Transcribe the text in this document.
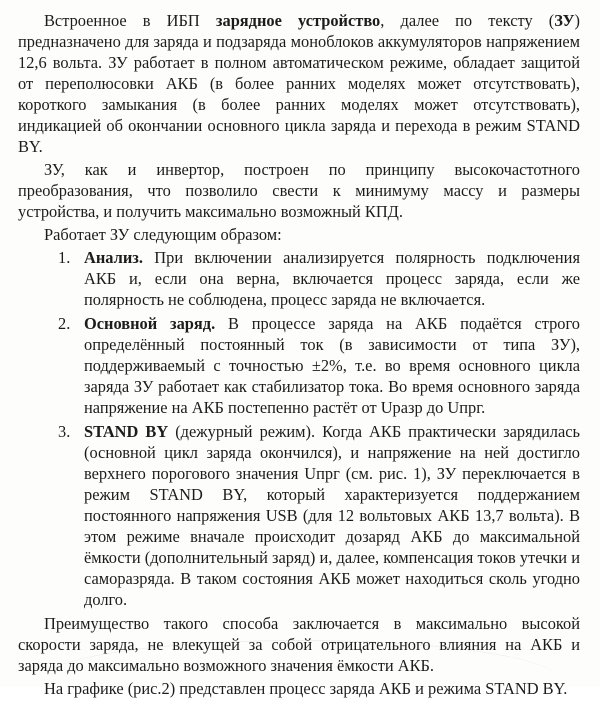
Встроенное в ИБП зарядное устройство, далее по тексту (ЗУ) предназначено для заряда и подзаряда моноблоков аккумуляторов напряжением 12,6 вольта. ЗУ работает в полном автоматическом режиме, обладает защитой от переполюсовки АКБ (в более ранних моделях может отсутствовать), короткого замыкания (в более ранних моделях может отсутствовать), индикацией об окончании основного цикла заряда и перехода в режим STAND BY.

ЗУ, как и инвертор, построен по принципу высокочастотного преобразования, что позволило свести к минимуму массу и размеры устройства, и получить максимально возможный КПД.

Работает ЗУ следующим образом:

1. Анализ. При включении анализируется полярность подключения АКБ и, если она верна, включается процесс заряда, если же полярность не соблюдена, процесс заряда не включается.
2. Основной заряд. В процессе заряда на АКБ подаётся строго определённый постоянный ток (в зависимости от типа ЗУ), поддерживаемый с точностью ±2%, т.е. во время основного цикла заряда ЗУ работает как стабилизатор тока. Во время основного заряда напряжение на АКБ постепенно растёт от Uразр до Uпрг.
3. STAND BY (дежурный режим). Когда АКБ практически зарядилась (основной цикл заряда окончился), и напряжение на ней достигло верхнего порогового значения Uпрг (см. рис. 1), ЗУ переключается в режим STAND BY, который характеризуется поддержанием постоянного напряжения USB (для 12 вольтовых АКБ 13,7 вольта). В этом режиме вначале происходит дозаряд АКБ до максимальной ёмкости (дополнительный заряд) и, далее, компенсация токов утечки и саморазряда. В таком состояния АКБ может находиться сколь угодно долго.

Преимущество такого способа заключается в максимально высокой скорости заряда, не влекущей за собой отрицательного влияния на АКБ и заряда до максимально возможного значения ёмкости АКБ.

На графике (рис.2) представлен процесс заряда АКБ и режима STAND BY.
